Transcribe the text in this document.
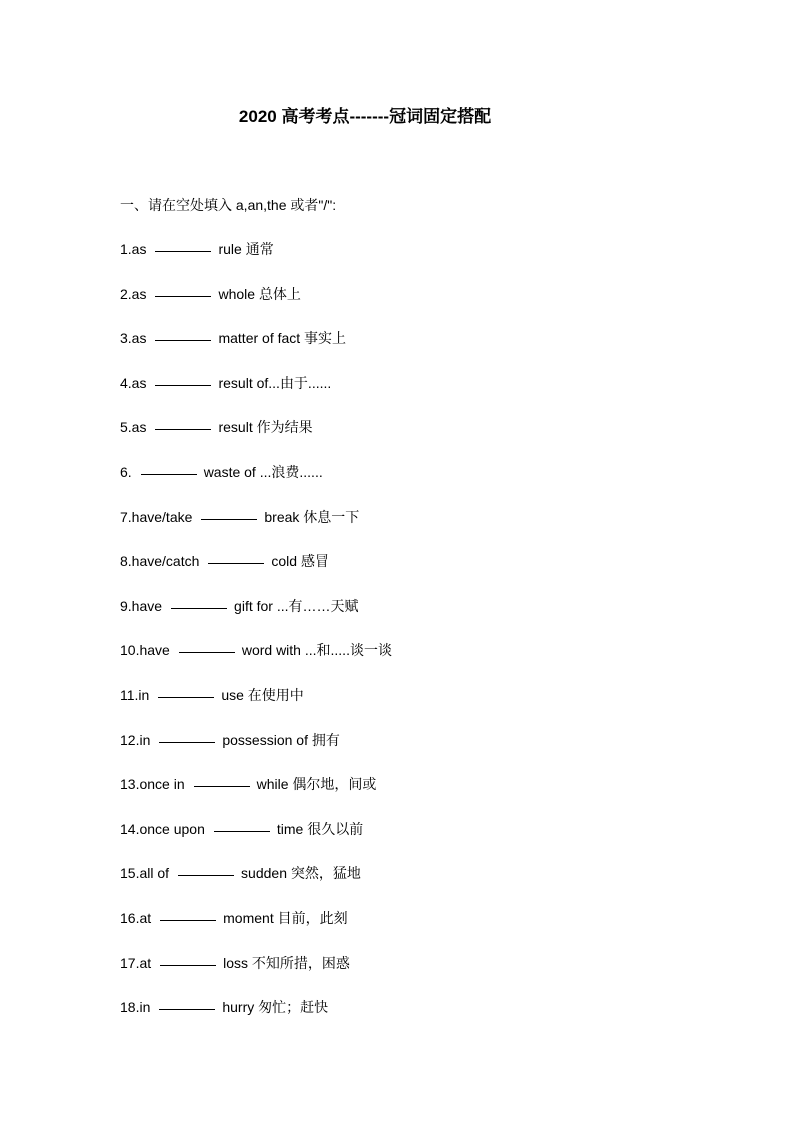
2020 高考考点-------冠词固定搭配
一、请在空处填入 a,an,the 或者"/":
1.as	rule 通常
2.as	whole 总体上
3.as	matter of fact 事实上
4.as	result of...由于......
5.as	result 作为结果
6.	waste of ...浪费......
7.have/take	break 休息一下
8.have/catch	cold 感冒
9.have	gift for ...有……天赋
10.have	word with ...和.....谈一谈
11.in	use 在使用中
12.in	possession of 拥有
13.once in	while 偶尔地，间或
14.once upon	time 很久以前
15.all of	sudden 突然，猛地
16.at	moment 目前，此刻
17.at	loss 不知所措，困惑
18.in	hurry 匆忙；赶快
